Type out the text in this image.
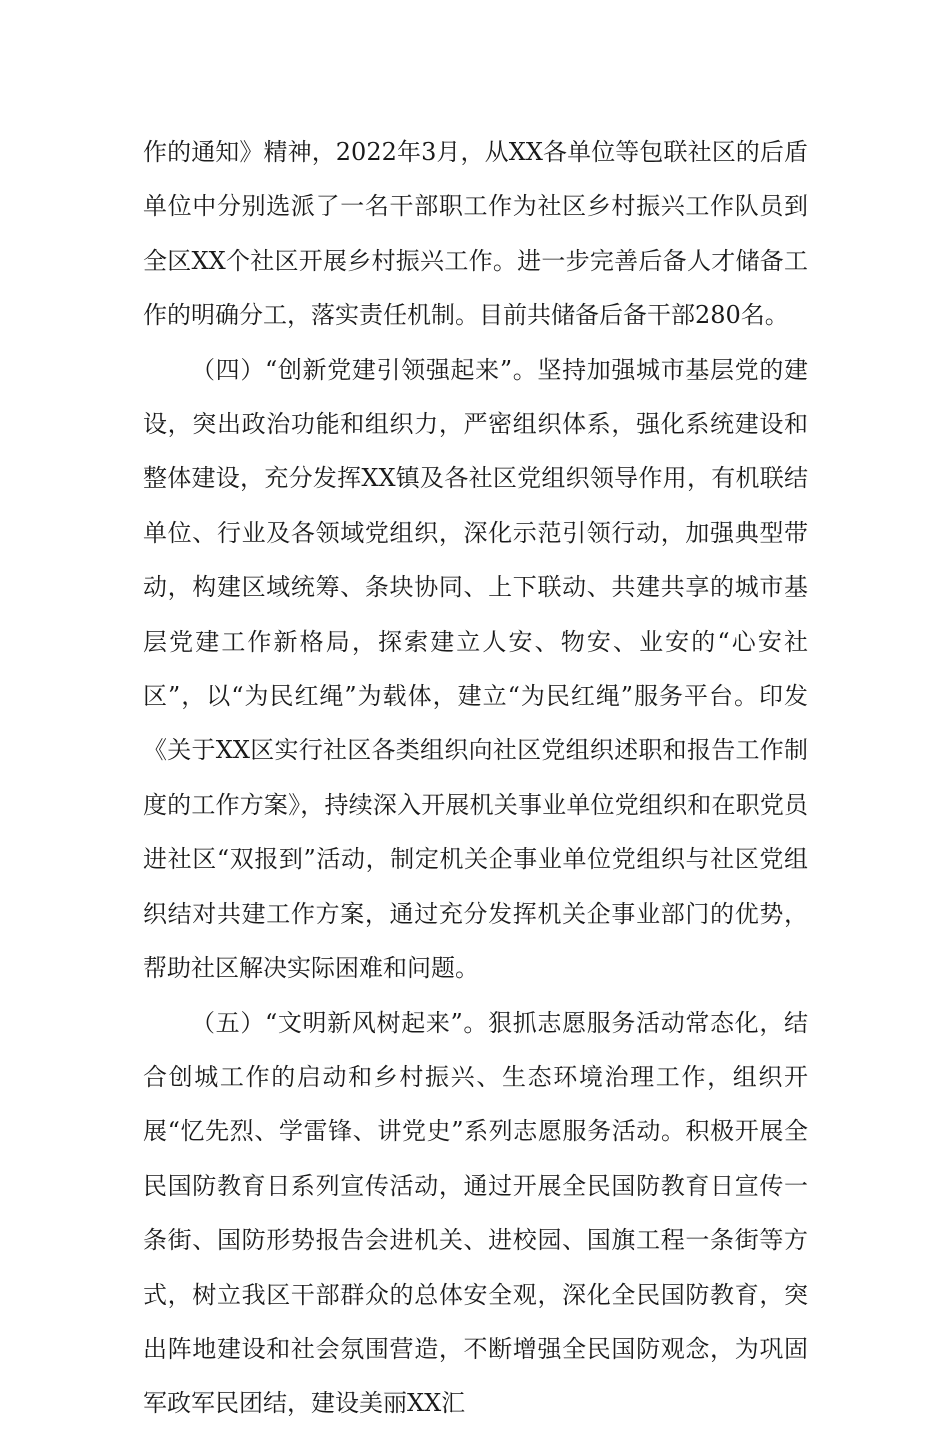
作的通知》精神，2022年3月，从XX各单位等包联社区的后盾单位中分别选派了一名干部职工作为社区乡村振兴工作队员到全区XX个社区开展乡村振兴工作。进一步完善后备人才储备工作的明确分工，落实责任机制。目前共储备后备干部280名。

（四）“创新党建引领强起来”。坚持加强城市基层党的建设，突出政治功能和组织力，严密组织体系，强化系统建设和整体建设，充分发挥XX镇及各社区党组织领导作用，有机联结单位、行业及各领域党组织，深化示范引领行动，加强典型带动，构建区域统筹、条块协同、上下联动、共建共享的城市基层党建工作新格局，探索建立人安、物安、业安的“心安社区”，以“为民红绳”为载体，建立“为民红绳”服务平台。印发《关于XX区实行社区各类组织向社区党组织述职和报告工作制度的工作方案》，持续深入开展机关事业单位党组织和在职党员进社区“双报到”活动，制定机关企事业单位党组织与社区党组织结对共建工作方案，通过充分发挥机关企事业部门的优势，帮助社区解决实际困难和问题。

（五）“文明新风树起来”。狠抓志愿服务活动常态化，结合创城工作的启动和乡村振兴、生态环境治理工作，组织开展“忆先烈、学雷锋、讲党史”系列志愿服务活动。积极开展全民国防教育日系列宣传活动，通过开展全民国防教育日宣传一条街、国防形势报告会进机关、进校园、国旗工程一条街等方式，树立我区干部群众的总体安全观，深化全民国防教育，突出阵地建设和社会氛围营造，不断增强全民国防观念，为巩固军政军民团结，建设美丽XX汇
